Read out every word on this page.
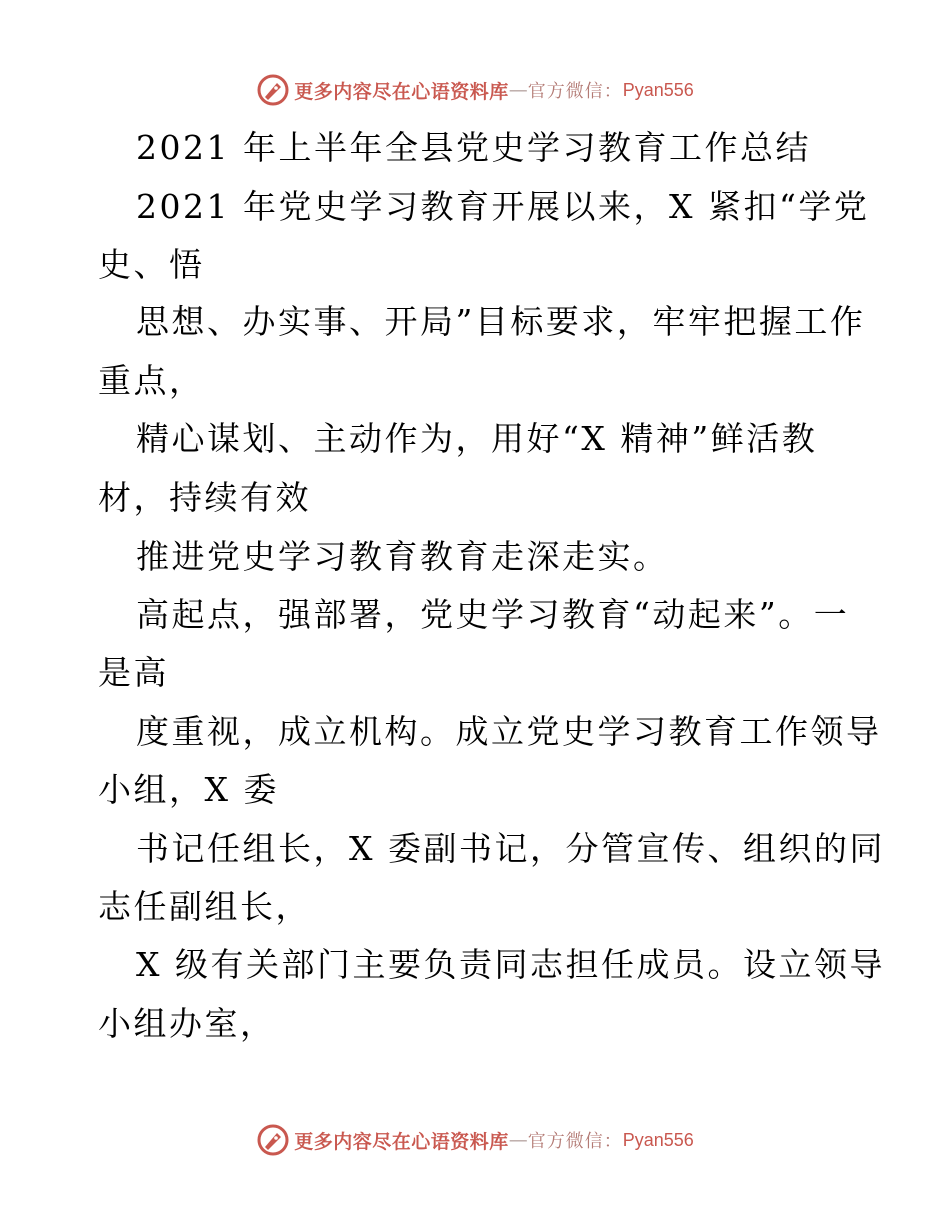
更多内容尽在心语资料库 — 官方微信： Pyan556
2021 年上半年全县党史学习教育工作总结
2021 年党史学习教育开展以来，X 紧扣“学党
史、悟
思想、办实事、开局”目标要求，牢牢把握工作
重点，
精心谋划、主动作为，用好“X 精神”鲜活教
材，持续有效
推进党史学习教育教育走深走实。
高起点，强部署，党史学习教育“动起来”。一
是高
度重视，成立机构。成立党史学习教育工作领导
小组，X 委
书记任组长，X 委副书记，分管宣传、组织的同
志任副组长，
X 级有关部门主要负责同志担任成员。设立领导
小组办室，
更多内容尽在心语资料库 — 官方微信： Pyan556
